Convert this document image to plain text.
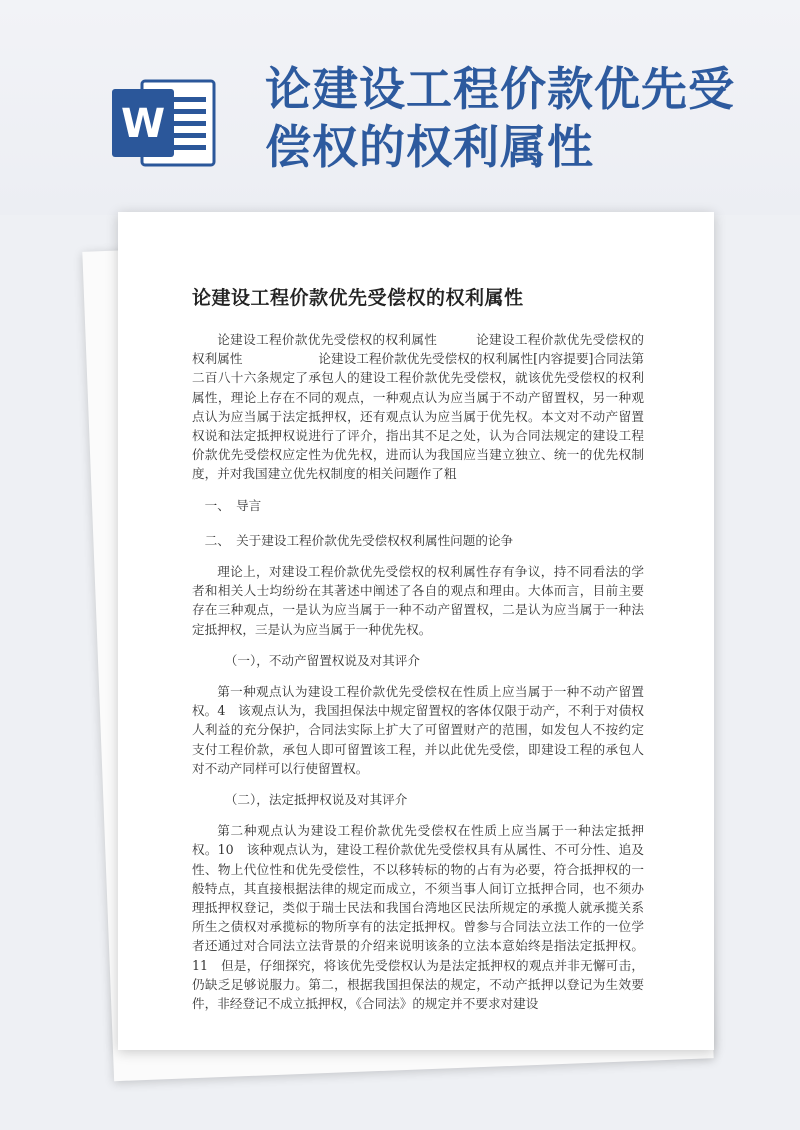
W
论建设工程价款优先受
偿权的权利属性
论建设工程价款优先受偿权的权利属性

论建设工程价款优先受偿权的权利属性　　　论建设工程价款优先受偿权的权利属性　　　　　　论建设工程价款优先受偿权的权利属性[内容提要]合同法第二百八十六条规定了承包人的建设工程价款优先受偿权，就该优先受偿权的权利属性，理论上存在不同的观点，一种观点认为应当属于不动产留置权，另一种观点认为应当属于法定抵押权，还有观点认为应当属于优先权。本文对不动产留置权说和法定抵押权说进行了评介，指出其不足之处，认为合同法规定的建设工程价款优先受偿权应定性为优先权，进而认为我国应当建立独立、统一的优先权制度，并对我国建立优先权制度的相关问题作了粗

一、　导言

二、　关于建设工程价款优先受偿权权利属性问题的论争

理论上，对建设工程价款优先受偿权的权利属性存有争议，持不同看法的学者和相关人士均纷纷在其著述中阐述了各自的观点和理由。大体而言，目前主要存在三种观点，一是认为应当属于一种不动产留置权，二是认为应当属于一种法定抵押权，三是认为应当属于一种优先权。

（一），不动产留置权说及对其评介

第一种观点认为建设工程价款优先受偿权在性质上应当属于一种不动产留置权。4　该观点认为，我国担保法中规定留置权的客体仅限于动产，不利于对债权人利益的充分保护，合同法实际上扩大了可留置财产的范围，如发包人不按约定支付工程价款，承包人即可留置该工程，并以此优先受偿，即建设工程的承包人对不动产同样可以行使留置权。

（二），法定抵押权说及对其评介

第二种观点认为建设工程价款优先受偿权在性质上应当属于一种法定抵押权。10　该种观点认为，建设工程价款优先受偿权具有从属性、不可分性、追及性、物上代位性和优先受偿性，不以移转标的物的占有为必要，符合抵押权的一般特点，其直接根据法律的规定而成立，不须当事人间订立抵押合同，也不须办理抵押权登记，类似于瑞士民法和我国台湾地区民法所规定的承揽人就承揽关系所生之债权对承揽标的物所享有的法定抵押权。曾参与合同法立法工作的一位学者还通过对合同法立法背景的介绍来说明该条的立法本意始终是指法定抵押权。11　但是，仔细探究，将该优先受偿权认为是法定抵押权的观点并非无懈可击，仍缺乏足够说服力。第二，根据我国担保法的规定，不动产抵押以登记为生效要件，非经登记不成立抵押权，《合同法》的规定并不要求对建设
